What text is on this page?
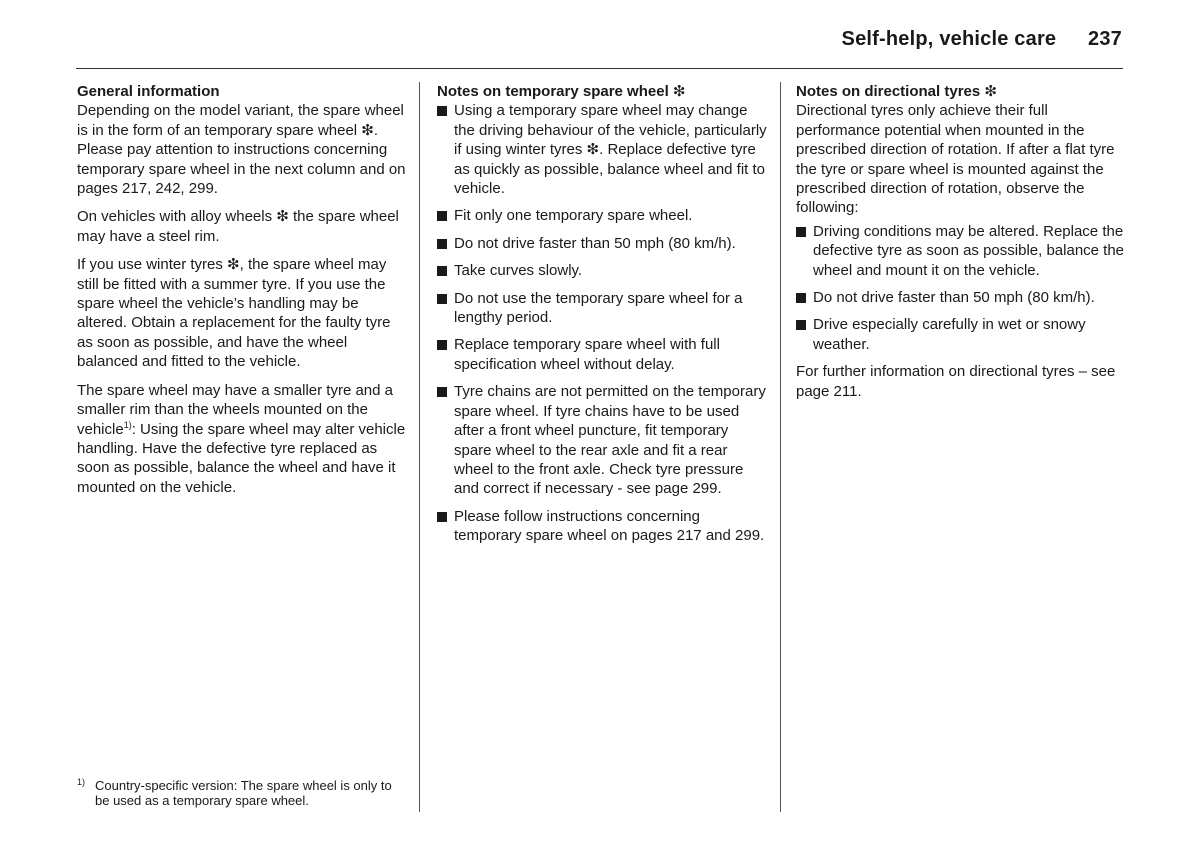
Self-help, vehicle care 237
General information

Depending on the model variant, the spare wheel is in the form of an temporary spare wheel ❇. Please pay attention to instructions concerning temporary spare wheel in the next column and on pages 217, 242, 299.

On vehicles with alloy wheels ❇ the spare wheel may have a steel rim.

If you use winter tyres ❇, the spare wheel may still be fitted with a summer tyre. If you use the spare wheel the vehicle’s handling may be altered. Obtain a replacement for the faulty tyre as soon as possible, and have the wheel balanced and fitted to the vehicle.

The spare wheel may have a smaller tyre and a smaller rim than the wheels mounted on the vehicle$^{1)}$: Using the spare wheel may alter vehicle handling. Have the defective tyre replaced as soon as possible, balance the wheel and have it mounted on the vehicle.

Notes on temporary spare wheel ❇
Using a temporary spare wheel may change the driving behaviour of the vehicle, particularly if using winter tyres ❇. Replace defective tyre as quickly as possible, balance wheel and fit to vehicle.
Fit only one temporary spare wheel.
Do not drive faster than 50 mph (80 km/h).
Take curves slowly.
Do not use the temporary spare wheel for a lengthy period.
Replace temporary spare wheel with full specification wheel without delay.
Tyre chains are not permitted on the temporary spare wheel. If tyre chains have to be used after a front wheel puncture, fit temporary spare wheel to the rear axle and fit a rear wheel to the front axle. Check tyre pressure and correct if necessary - see page 299.
Please follow instructions concerning temporary spare wheel on pages 217 and 299.
Notes on directional tyres ❇

Directional tyres only achieve their full performance potential when mounted in the prescribed direction of rotation. If after a flat tyre the tyre or spare wheel is mounted against the prescribed direction of rotation, observe the following:

Driving conditions may be altered. Replace the defective tyre as soon as possible, balance the wheel and mount it on the vehicle.
Do not drive faster than 50 mph (80 km/h).
Drive especially carefully in wet or snowy weather.

For further information on directional tyres – see page 211.

1) Country-specific version: The spare wheel is only to be used as a temporary spare wheel.
